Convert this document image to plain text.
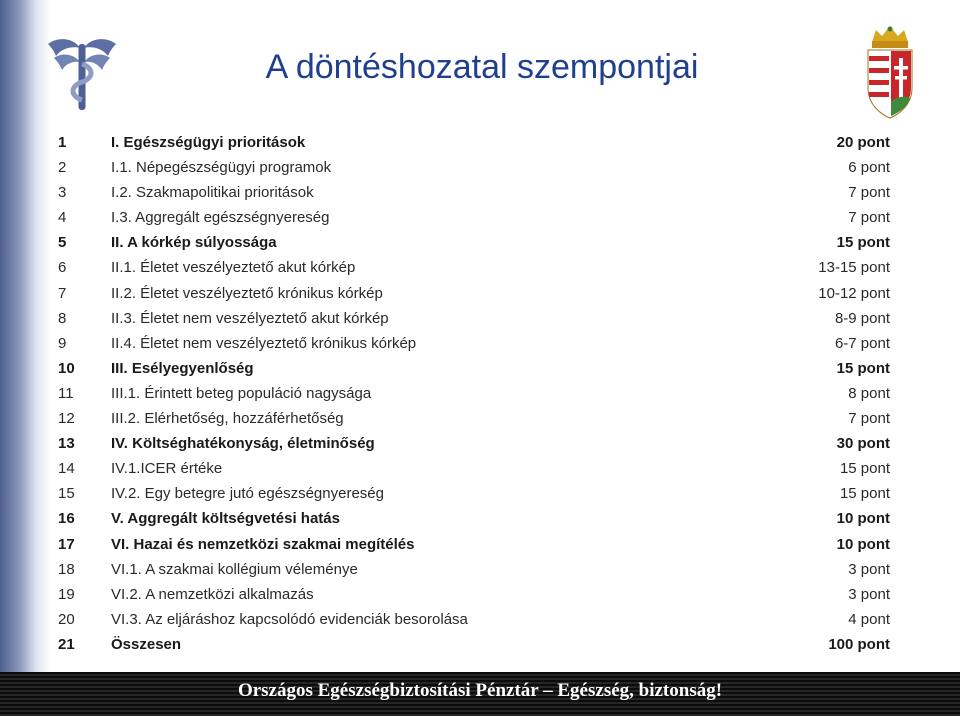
A döntéshozatal szempontjai
1	I. Egészségügyi prioritások	20 pont
2	I.1. Népegészségügyi programok	6 pont
3	I.2. Szakmapolitikai prioritások	7 pont
4	I.3. Aggregált egészségnyereség	7 pont
5	II. A kórkép súlyossága	15 pont
6	II.1. Életet veszélyeztető akut kórkép	13-15 pont
7	II.2. Életet veszélyeztető krónikus kórkép	10-12 pont
8	II.3. Életet nem veszélyeztető akut kórkép	8-9 pont
9	II.4. Életet nem veszélyeztető krónikus kórkép	6-7 pont
10 III. Esélyegyenlőség	15 pont
11 III.1. Érintett beteg populáció nagysága	8 pont
12 III.2. Elérhetőség, hozzáférhetőség	7 pont
13 IV. Költséghatékonyság, életminőség	30 pont
14 IV.1.ICER értéke	15 pont
15 IV.2. Egy betegre jutó egészségnyereség	15 pont
16 V. Aggregált költségvetési hatás	10 pont
17 VI. Hazai és nemzetközi szakmai megítélés	10 pont
18 VI.1. A szakmai kollégium véleménye	3 pont
19 VI.2. A nemzetközi alkalmazás	3 pont
20 VI.3. Az eljáráshoz kapcsolódó evidenciák besorolása	4 pont
21 Összesen	100 pont
Országos Egészségbiztosítási Pénztár – Egészség, biztonság!
